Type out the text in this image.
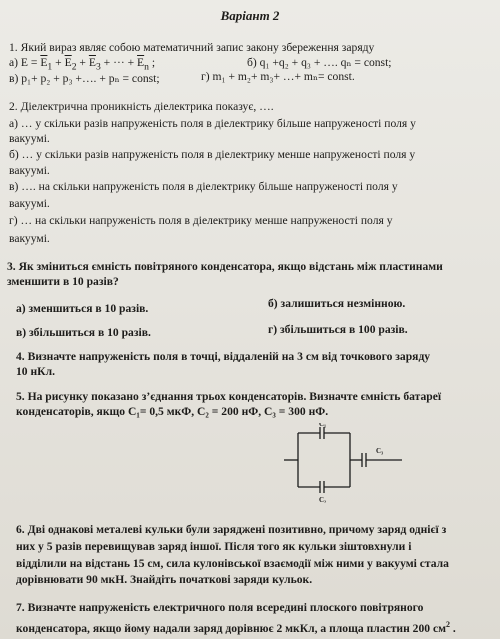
Варіант 2
1. Який вираз являє собою математичний запис закону збереження заряду
а) $E = \overline{E}_1 + \overline{E}_2 + \overline{E}_3$ + ··· + $\overline{E}_n$ ;	б) q₁ +q₂ + q₃ + …. qₙ = const;
в) p₁+ p₂ + p₃ +…. + pₙ = const;	г) m₁ + m₂+ m₃+ …+ mₙ= const.
2. Діелектрична проникність діелектрика показує, ….
а) … у скільки разів напруженість поля в діелектрику більше напруженості поля у
вакуумі.
б) … у скільки разів напруженість поля в діелектрику менше напруженості поля у
вакуумі.
в) …. на скільки напруженість поля в діелектрику більше напруженості поля у
вакуумі.
г) … на скільки напруженість поля в діелектрику менше напруженості поля у
вакуумі.
3. Як зміниться ємність повітряного конденсатора, якщо відстань між пластинами
зменшити в 10 разів?
а) зменшиться в 10 разів.	б) залишиться незмінною.
в) збільшиться в 10 разів.	г) збільшиться в 100 разів.
4. Визначте напруженість поля в точці, віддаленій на 3 см від точкового заряду
10 нКл.
5. На рисунку показано з’єднання трьох конденсаторів. Визначте ємність батареї
конденсаторів, якщо C₁= 0,5 мкФ, C₂ = 200 нФ, C₃ = 300 нФ.
C₁
C₂
C₃
6. Дві однакові металеві кульки були заряджені позитивно, причому заряд однієї з
них у 5 разів перевищував заряд іншої. Після того як кульки зіштовхнули і
відділили на відстань 15 см, сила кулонівської взаємодії між ними у вакуумі стала
дорівнювати 90 мкН. Знайдіть початкові заряди кульок.
7. Визначте напруженість електричного поля всередині плоского повітряного
конденсатора, якщо йому надали заряд дорівнює 2 мкКл, а площа пластин 200 $см^2$ .
